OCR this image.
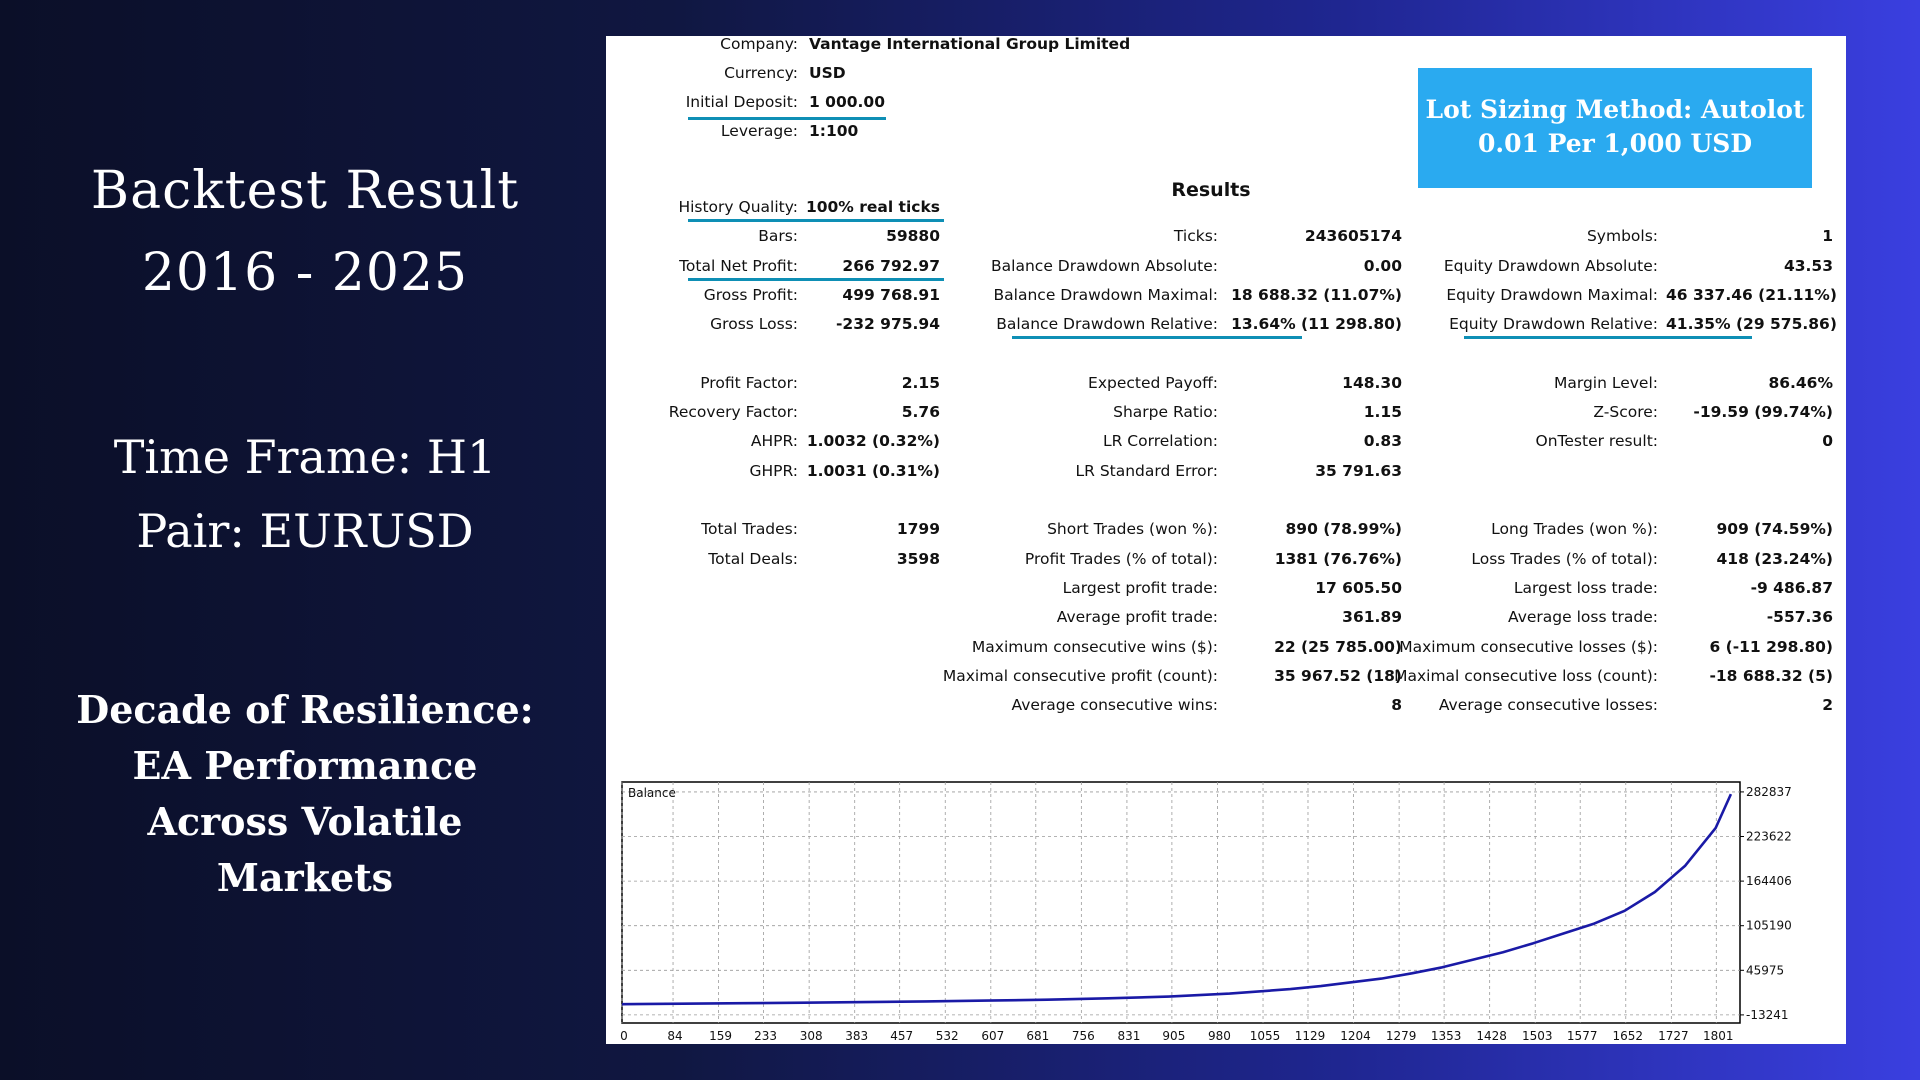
Backtest Result
2016 - 2025
Time Frame: H1
Pair: EURUSD
Decade of Resilience:
EA Performance
Across Volatile
Markets
Lot Sizing Method: Autolot
0.01 Per 1,000 USD
Results
Company: Vantage International Group Limited
Currency: USD
Initial Deposit: 1 000.00
Leverage: 1:100
History Quality: 100% real ticks
Bars:	59880
Total Net Profit:	266 792.97
Gross Profit:	499 768.91
Gross Loss:	-232 975.94
Profit Factor:	2.15
Recovery Factor:	5.76
AHPR: 1.0032 (0.32%)
GHPR: 1.0031 (0.31%)
Total Trades:	1799
Total Deals:	3598
Ticks:	243605174
Balance Drawdown Absolute:	0.00
Balance Drawdown Maximal: 18 688.32 (11.07%)
Balance Drawdown Relative: 13.64% (11 298.80)
Expected Payoff:	148.30
Sharpe Ratio:	1.15
LR Correlation:	0.83
LR Standard Error:	35 791.63
Short Trades (won %):	890 (78.99%)
Profit Trades (% of total):	1381 (76.76%)
Largest profit trade:	17 605.50
Average profit trade:	361.89
Maximum consecutive wins ($):	22 (25 785.00)
Maximal consecutive profit (count):	35 967.52 (18)
Average consecutive wins:	8
Symbols:	1
Equity Drawdown Absolute:	43.53
Equity Drawdown Maximal: 46 337.46 (21.11%)
Equity Drawdown Relative: 41.35% (29 575.86)
Margin Level:	86.46%
Z-Score:	-19.59 (99.74%)
OnTester result:	0
Long Trades (won %):	909 (74.59%)
Loss Trades (% of total):	418 (23.24%)
Largest loss trade:	-9 486.87
Average loss trade:	-557.36
Maximum consecutive losses ($):	6 (-11 298.80)
Maximal consecutive loss (count):	-18 688.32 (5)
Average consecutive losses:	2
Balance
0	84 159 233 308 383 457 532 607 681 756 831 905 980 1055 1129 1204 1279 1353 1428 1503 1577 1652 1727 1801
282837
223622
164406
105190
45975
-13241
